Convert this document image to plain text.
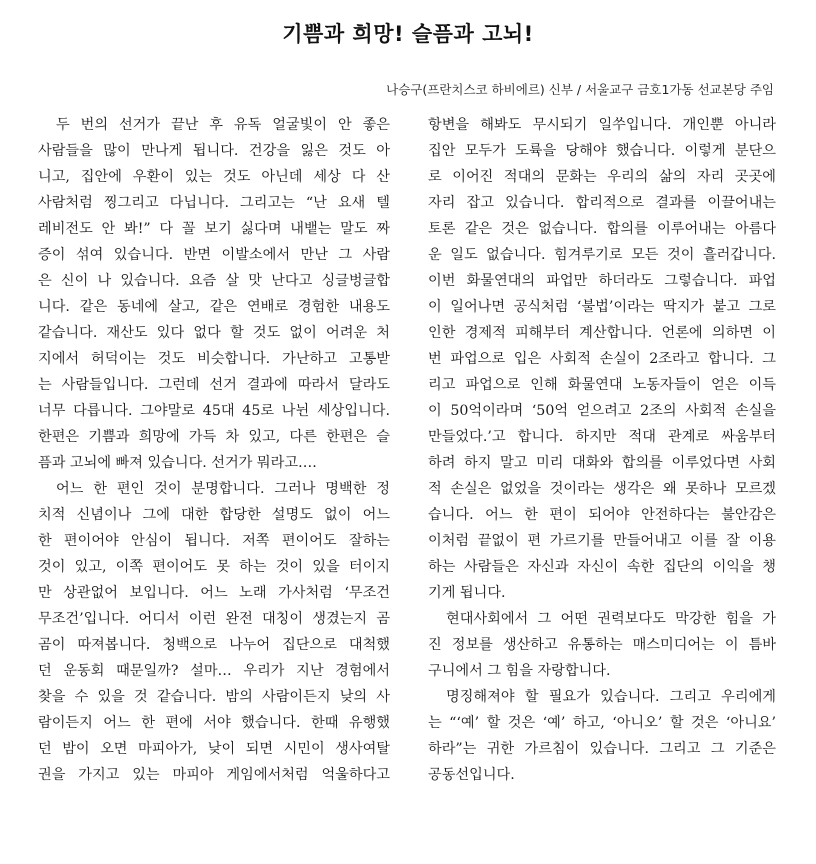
기쁨과 희망! 슬픔과 고뇌!
나승구(프란치스코 하비에르) 신부 / 서울교구 금호1가동 선교본당 주임
두 번의 선거가 끝난 후 유독 얼굴빛이 안 좋은
사람들을 많이 만나게 됩니다. 건강을 잃은 것도 아
니고, 집안에 우환이 있는 것도 아닌데 세상 다 산
사람처럼 찡그리고 다닙니다. 그리고는 “난 요새 텔
레비전도 안 봐!” 다 꼴 보기 싫다며 내뱉는 말도 짜
증이 섞여 있습니다. 반면 이발소에서 만난 그 사람
은 신이 나 있습니다. 요즘 살 맛 난다고 싱글벙글합
니다. 같은 동네에 살고, 같은 연배로 경험한 내용도
같습니다. 재산도 있다 없다 할 것도 없이 어려운 처
지에서 허덕이는 것도 비슷합니다. 가난하고 고통받
는 사람들입니다. 그런데 선거 결과에 따라서 달라도
너무 다릅니다. 그야말로 45대 45로 나뉜 세상입니다.
한편은 기쁨과 희망에 가득 차 있고, 다른 한편은 슬
픔과 고뇌에 빠져 있습니다. 선거가 뭐라고….
어느 한 편인 것이 분명합니다. 그러나 명백한 정
치적 신념이나 그에 대한 합당한 설명도 없이 어느
한 편이어야 안심이 됩니다. 저쪽 편이어도 잘하는
것이 있고, 이쪽 편이어도 못 하는 것이 있을 터이지
만 상관없어 보입니다. 어느 노래 가사처럼 ‘무조건
무조건’입니다. 어디서 이런 완전 대칭이 생겼는지 곰
곰이 따져봅니다. 청백으로 나누어 집단으로 대척했
던 운동회 때문일까? 설마… 우리가 지난 경험에서
찾을 수 있을 것 같습니다. 밤의 사람이든지 낮의 사
람이든지 어느 한 편에 서야 했습니다. 한때 유행했
던 밤이 오면 마피아가, 낮이 되면 시민이 생사여탈
권을 가지고 있는 마피아 게임에서처럼 억울하다고
항변을 해봐도 무시되기 일쑤입니다. 개인뿐 아니라
집안 모두가 도륙을 당해야 했습니다. 이렇게 분단으
로 이어진 적대의 문화는 우리의 삶의 자리 곳곳에
자리 잡고 있습니다. 합리적으로 결과를 이끌어내는
토론 같은 것은 없습니다. 합의를 이루어내는 아름다
운 일도 없습니다. 힘겨루기로 모든 것이 흘러갑니다.
이번 화물연대의 파업만 하더라도 그렇습니다. 파업
이 일어나면 공식처럼 ‘불법’이라는 딱지가 붙고 그로
인한 경제적 피해부터 계산합니다. 언론에 의하면 이
번 파업으로 입은 사회적 손실이 2조라고 합니다. 그
리고 파업으로 인해 화물연대 노동자들이 얻은 이득
이 50억이라며 ‘50억 얻으려고 2조의 사회적 손실을
만들었다.’고 합니다. 하지만 적대 관계로 싸움부터
하려 하지 말고 미리 대화와 합의를 이루었다면 사회
적 손실은 없었을 것이라는 생각은 왜 못하나 모르겠
습니다. 어느 한 편이 되어야 안전하다는 불안감은
이처럼 끝없이 편 가르기를 만들어내고 이를 잘 이용
하는 사람들은 자신과 자신이 속한 집단의 이익을 챙
기게 됩니다.
현대사회에서 그 어떤 권력보다도 막강한 힘을 가
진 정보를 생산하고 유통하는 매스미디어는 이 틈바
구니에서 그 힘을 자랑합니다.
명징해져야 할 필요가 있습니다. 그리고 우리에게
는 “‘예’ 할 것은 ‘예’ 하고, ‘아니오’ 할 것은 ‘아니요’
하라”는 귀한 가르침이 있습니다. 그리고 그 기준은
공동선입니다.
